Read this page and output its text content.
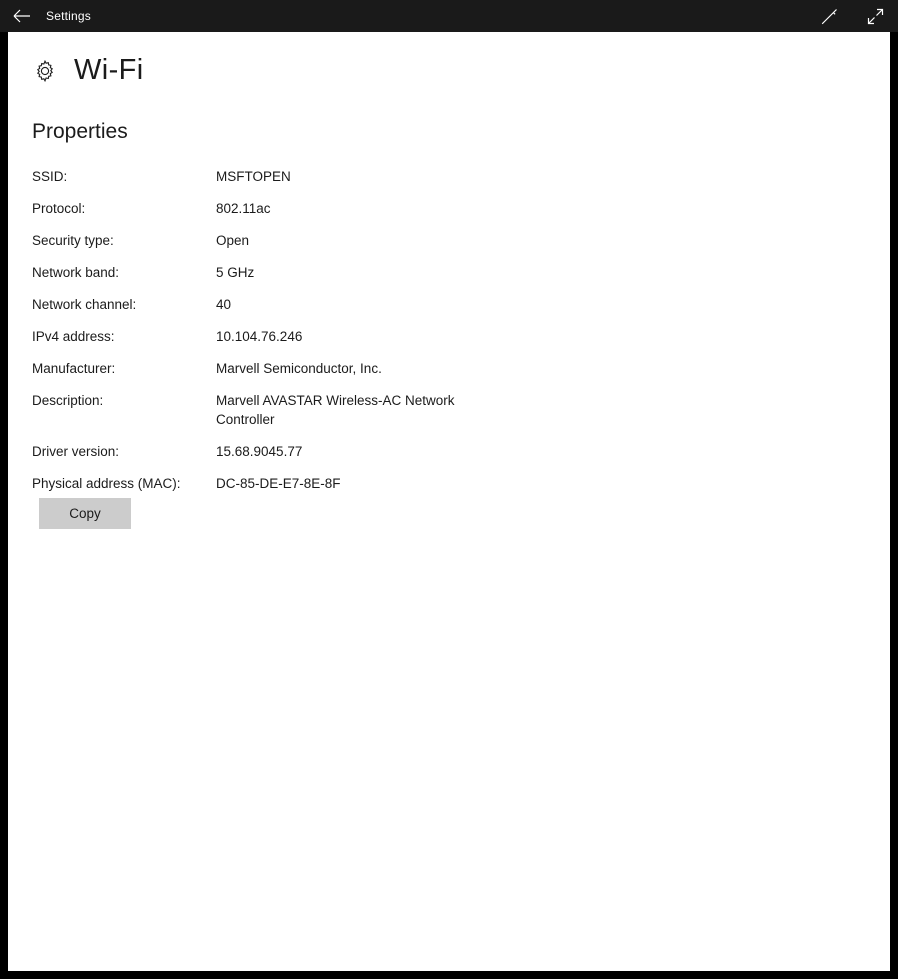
Settings
Wi-Fi
Properties
SSID:	MSFTOPEN
Protocol:	802.11ac
Security type:	Open
Network band:	5 GHz
Network channel:	40
IPv4 address:	10.104.76.246
Manufacturer:	Marvell Semiconductor, Inc.
Description:	Marvell AVASTAR Wireless-AC Network Controller
Driver version:	15.68.9045.77
Physical address (MAC):	DC-85-DE-E7-8E-8F
Copy
